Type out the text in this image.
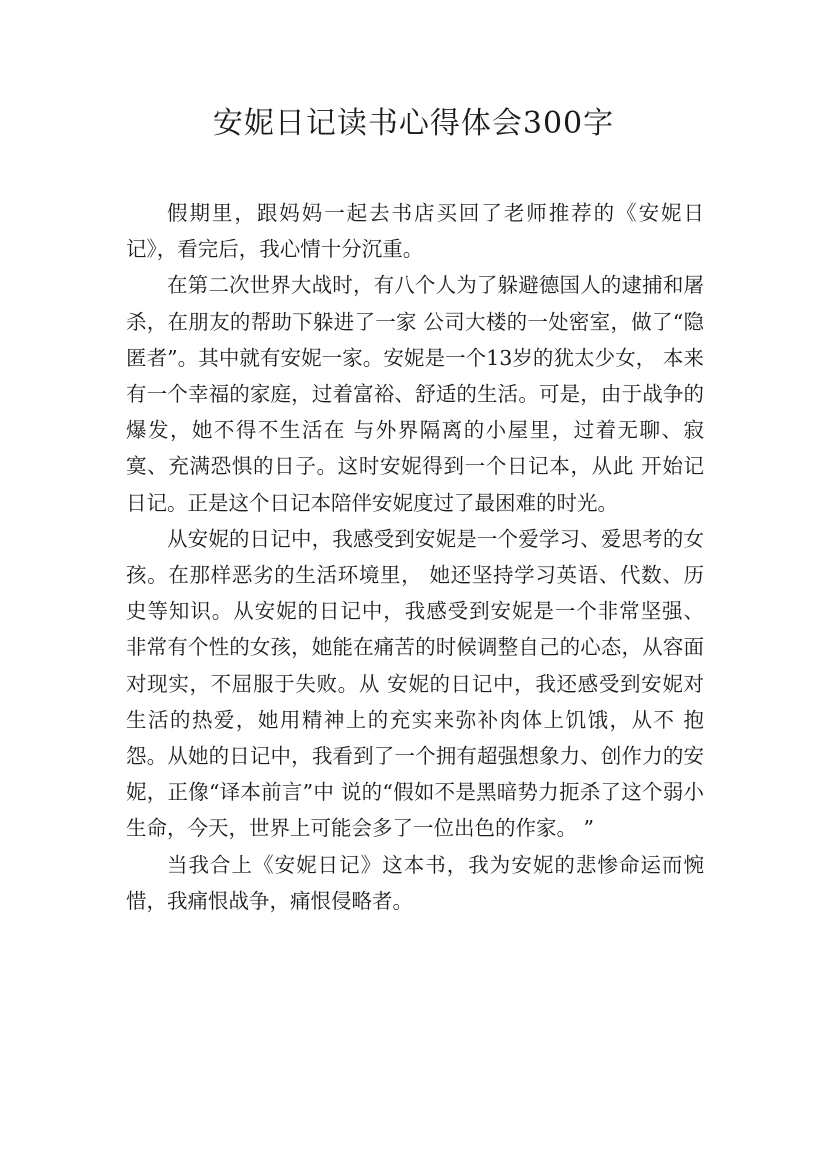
安妮日记读书心得体会300字

假期里，跟妈妈一起去书店买回了老师推荐的《安妮日记》，看完后，我心情十分沉重。

在第二次世界大战时，有八个人为了躲避德国人的逮捕和屠杀，在朋友的帮助下躲进了一家 公司大楼的一处密室，做了“隐匿者”。其中就有安妮一家。安妮是一个13岁的犹太少女， 本来有一个幸福的家庭，过着富裕、舒适的生活。可是，由于战争的爆发，她不得不生活在 与外界隔离的小屋里，过着无聊、寂寞、充满恐惧的日子。这时安妮得到一个日记本，从此 开始记日记。正是这个日记本陪伴安妮度过了最困难的时光。

从安妮的日记中，我感受到安妮是一个爱学习、爱思考的女孩。在那样恶劣的生活环境里， 她还坚持学习英语、代数、历史等知识。从安妮的日记中，我感受到安妮是一个非常坚强、 非常有个性的女孩，她能在痛苦的时候调整自己的心态，从容面对现实，不屈服于失败。从 安妮的日记中，我还感受到安妮对生活的热爱，她用精神上的充实来弥补肉体上饥饿，从不 抱怨。从她的日记中，我看到了一个拥有超强想象力、创作力的安妮，正像“译本前言”中 说的“假如不是黑暗势力扼杀了这个弱小生命，今天，世界上可能会多了一位出色的作家。 ”

当我合上《安妮日记》这本书，我为安妮的悲惨命运而惋惜，我痛恨战争，痛恨侵略者。
